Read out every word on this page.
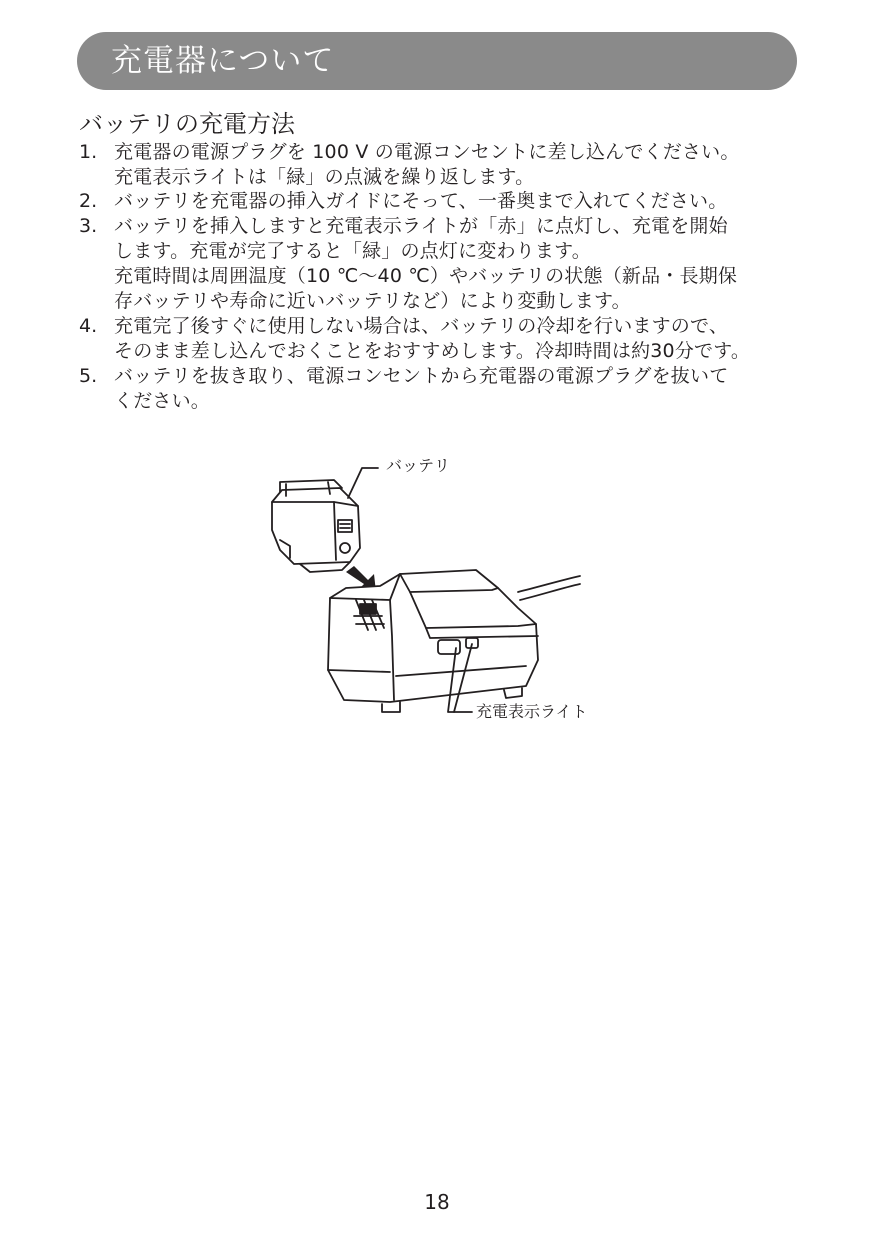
充電器について
バッテリの充電方法
1. 充電器の電源プラグを 100 V の電源コンセントに差し込んでください。
充電表示ライトは「緑」の点滅を繰り返します。
2. バッテリを充電器の挿入ガイドにそって、一番奥まで入れてください。
3. バッテリを挿入しますと充電表示ライトが「赤」に点灯し、充電を開始
します。充電が完了すると「緑」の点灯に変わります。
充電時間は周囲温度（10 ℃～40 ℃）やバッテリの状態（新品・長期保
存バッテリや寿命に近いバッテリなど）により変動します。
4. 充電完了後すぐに使用しない場合は、バッテリの冷却を行いますので、
そのまま差し込んでおくことをおすすめします。冷却時間は約30分です。
5. バッテリを抜き取り、電源コンセントから充電器の電源プラグを抜いて
ください。
バッテリ
充電表示ライト
18
